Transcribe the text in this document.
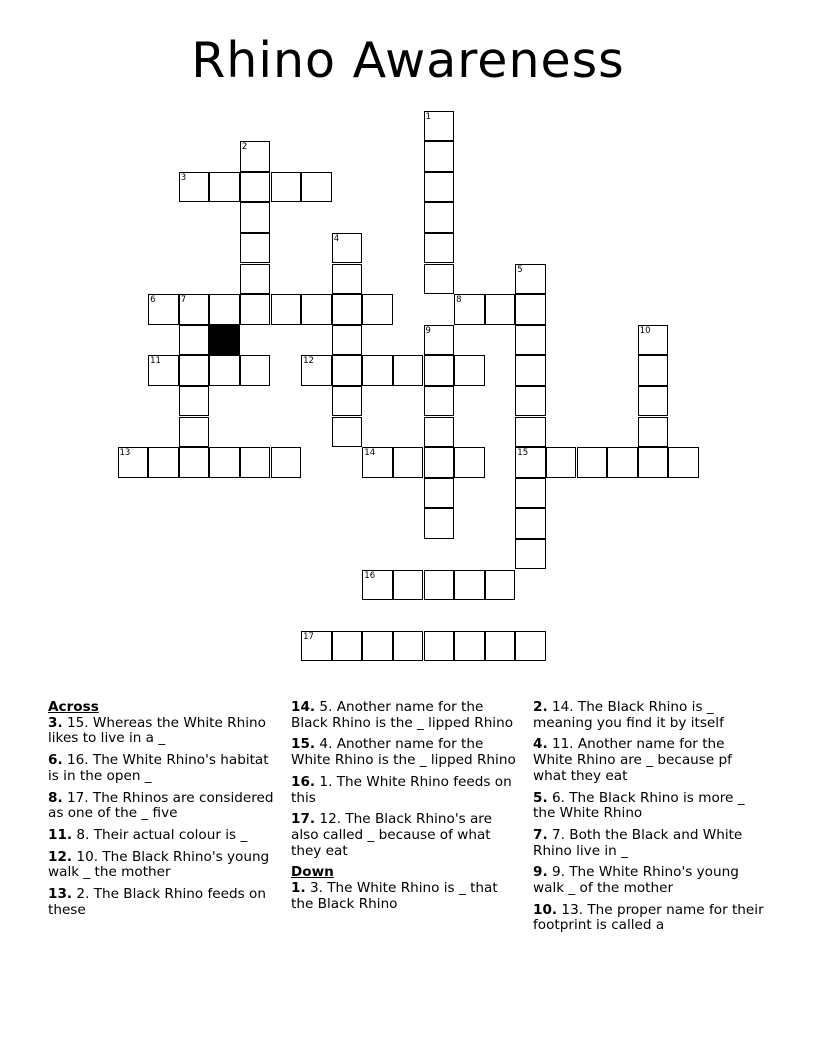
Rhino Awareness
1
2
3
4
5
6	7	8
9	10
11	12
13	14	15
16
17
Across
3. 15. Whereas the White Rhino likes to live in a _
6. 16. The White Rhino's habitat is in the open _
8. 17. The Rhinos are considered as one of the _ five
11. 8. Their actual colour is _
12. 10. The Black Rhino's young walk _ the mother
13. 2. The Black Rhino feeds on these
14. 5. Another name for the Black Rhino is the _ lipped Rhino
15. 4. Another name for the White Rhino is the _ lipped Rhino
16. 1. The White Rhino feeds on this
17. 12. The Black Rhino's are also called _ because of what they eat
Down
1. 3. The White Rhino is _ that the Black Rhino
2. 14. The Black Rhino is _ meaning you find it by itself
4. 11. Another name for the White Rhino are _ because pf what they eat
5. 6. The Black Rhino is more _ the White Rhino
7. 7. Both the Black and White Rhino live in _
9. 9. The White Rhino's young walk _ of the mother
10. 13. The proper name for their footprint is called a
